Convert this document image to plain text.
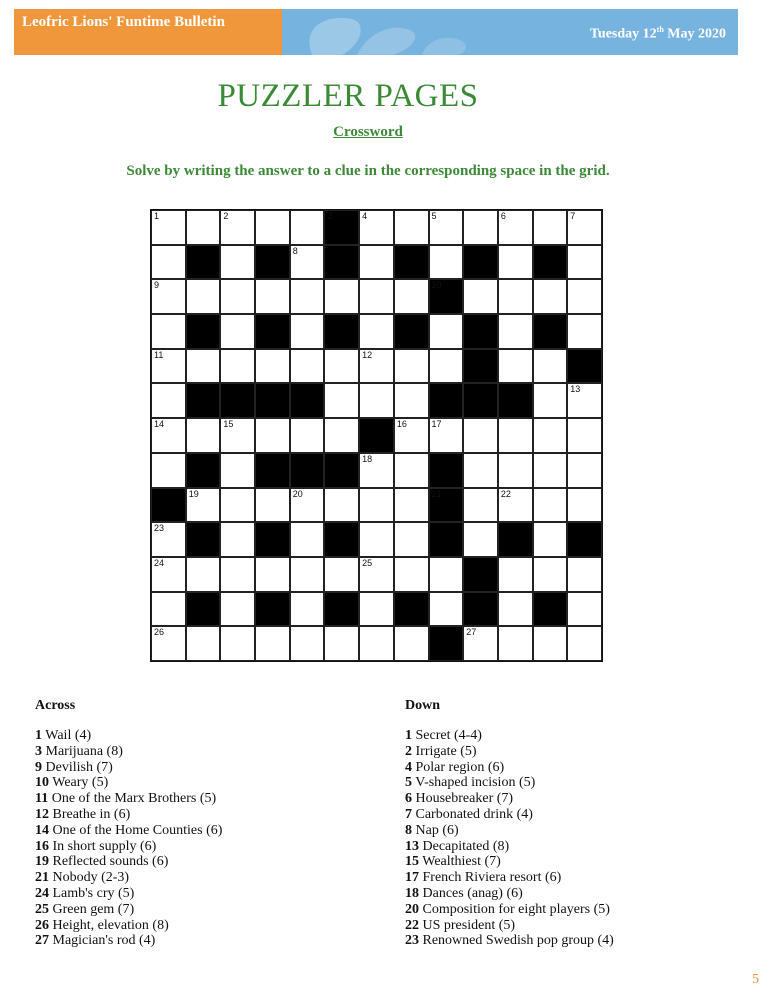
Leofric Lions' Funtime Bulletin
Tuesday 12th May 2020
PUZZLER PAGES
Crossword
Solve by writing the answer to a clue in the corresponding space in the grid.
1	2	3	4	5	6	7
8
9	10
11	12
13
14	15	16	17
18
19	20	21	22
23
24	25
26	27
Across
1 Wail (4)
3 Marijuana (8)
9 Devilish (7)
10 Weary (5)
11 One of the Marx Brothers (5)
12 Breathe in (6)
14 One of the Home Counties (6)
16 In short supply (6)
19 Reflected sounds (6)
21 Nobody (2-3)
24 Lamb's cry (5)
25 Green gem (7)
26 Height, elevation (8)
27 Magician's rod (4)
Down
1 Secret (4-4)
2 Irrigate (5)
4 Polar region (6)
5 V-shaped incision (5)
6 Housebreaker (7)
7 Carbonated drink (4)
8 Nap (6)
13 Decapitated (8)
15 Wealthiest (7)
17 French Riviera resort (6)
18 Dances (anag) (6)
20 Composition for eight players (5)
22 US president (5)
23 Renowned Swedish pop group (4)
5
